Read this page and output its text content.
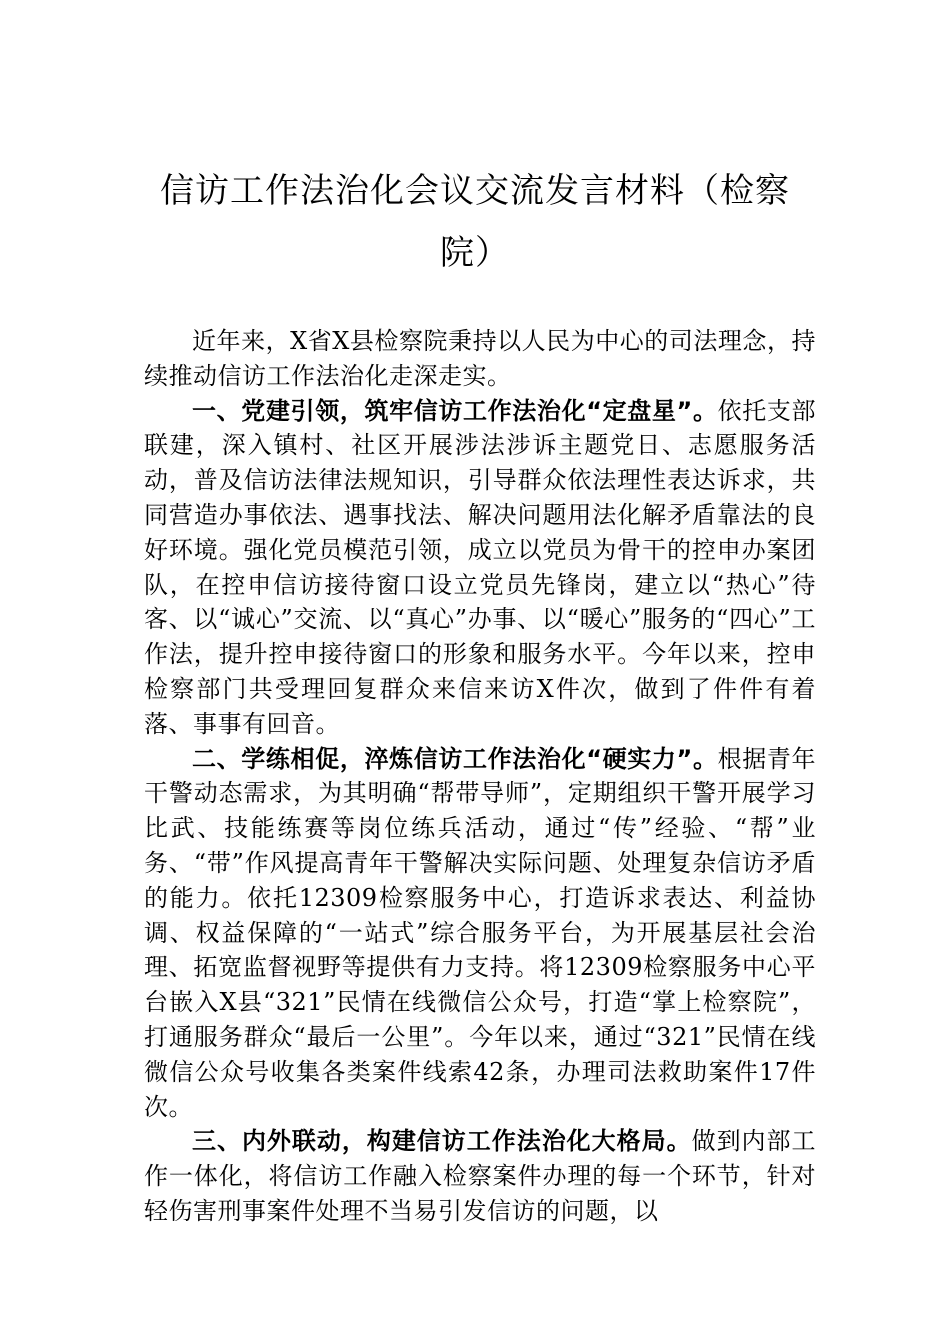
信访工作法治化会议交流发言材料（检察
院）

近年来，X省X县检察院秉持以人民为中心的司法理念，持续推动信访工作法治化走深走实。

一、党建引领，筑牢信访工作法治化“定盘星”。依托支部联建，深入镇村、社区开展涉法涉诉主题党日、志愿服务活动，普及信访法律法规知识，引导群众依法理性表达诉求，共同营造办事依法、遇事找法、解决问题用法化解矛盾靠法的良好环境。强化党员模范引领，成立以党员为骨干的控申办案团队，在控申信访接待窗口设立党员先锋岗，建立以“热心”待客、以“诚心”交流、以“真心”办事、以“暖心”服务的“四心”工作法，提升控申接待窗口的形象和服务水平。今年以来，控申检察部门共受理回复群众来信来访X件次，做到了件件有着落、事事有回音。

二、学练相促，淬炼信访工作法治化“硬实力”。根据青年干警动态需求，为其明确“帮带导师”，定期组织干警开展学习比武、技能练赛等岗位练兵活动，通过“传”经验、“帮”业务、“带”作风提高青年干警解决实际问题、处理复杂信访矛盾的能力。依托12309检察服务中心，打造诉求表达、利益协调、权益保障的“一站式”综合服务平台，为开展基层社会治理、拓宽监督视野等提供有力支持。将12309检察服务中心平台嵌入X县“321”民情在线微信公众号，打造“掌上检察院”，打通服务群众“最后一公里”。今年以来，通过“321”民情在线微信公众号收集各类案件线索42条，办理司法救助案件17件次。

三、内外联动，构建信访工作法治化大格局。做到内部工作一体化，将信访工作融入检察案件办理的每一个环节，针对轻伤害刑事案件处理不当易引发信访的问题，以
